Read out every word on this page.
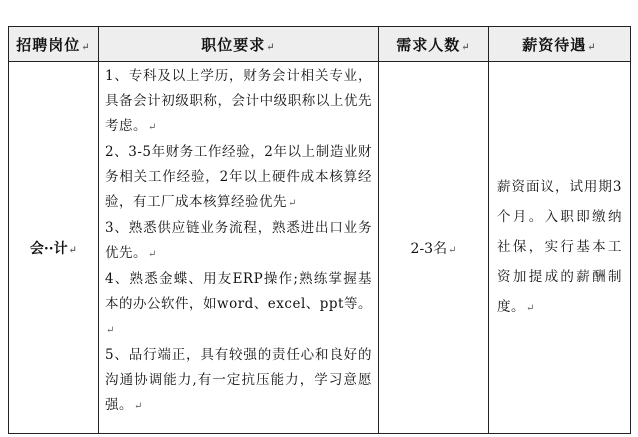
招聘岗位↵	职位要求↵	需求人数↵	薪资待遇↵
会··计↵	1、专科及以上学历，财务会计相关专业，具备会计初级职称，会计中级职称以上优先考虑。↵
2、3-5年财务工作经验，2年以上制造业财务相关工作经验，2年以上硬件成本核算经验，有工厂成本核算经验优先↵
3、熟悉供应链业务流程，熟悉进出口业务优先。↵
4、熟悉金蝶、用友ERP操作;熟练掌握基本的办公软件，如word、excel、ppt等。↵
5、品行端正，具有较强的责任心和良好的沟通协调能力,有一定抗压能力，学习意愿强。↵	2-3名↵	薪资面议，试用期3个月。入职即缴纳社保，实行基本工资加提成的薪酬制度。↵
